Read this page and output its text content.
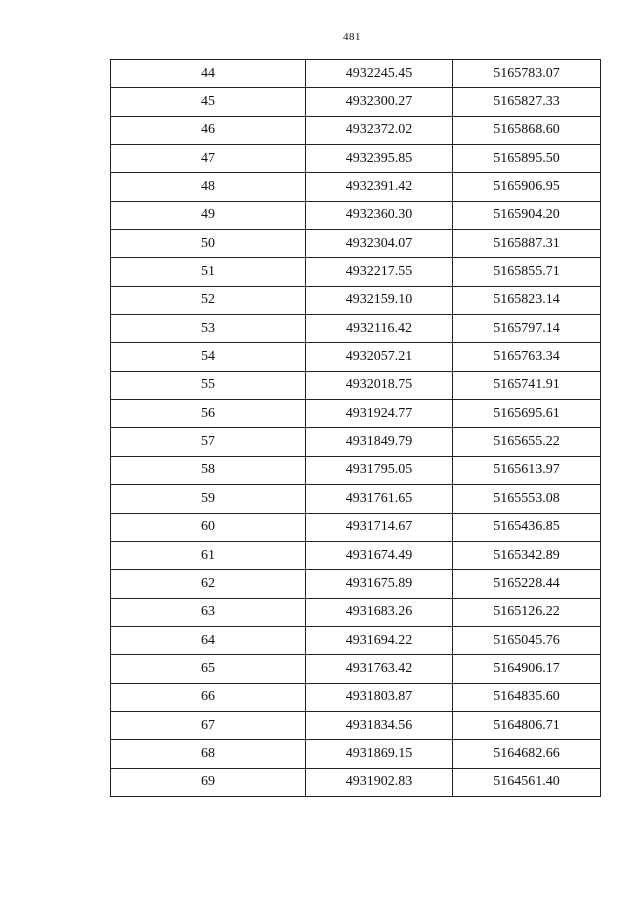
481
44	4932245.45	5165783.07
45	4932300.27	5165827.33
46	4932372.02	5165868.60
47	4932395.85	5165895.50
48	4932391.42	5165906.95
49	4932360.30	5165904.20
50	4932304.07	5165887.31
51	4932217.55	5165855.71
52	4932159.10	5165823.14
53	4932116.42	5165797.14
54	4932057.21	5165763.34
55	4932018.75	5165741.91
56	4931924.77	5165695.61
57	4931849.79	5165655.22
58	4931795.05	5165613.97
59	4931761.65	5165553.08
60	4931714.67	5165436.85
61	4931674.49	5165342.89
62	4931675.89	5165228.44
63	4931683.26	5165126.22
64	4931694.22	5165045.76
65	4931763.42	5164906.17
66	4931803.87	5164835.60
67	4931834.56	5164806.71
68	4931869.15	5164682.66
69	4931902.83	5164561.40
